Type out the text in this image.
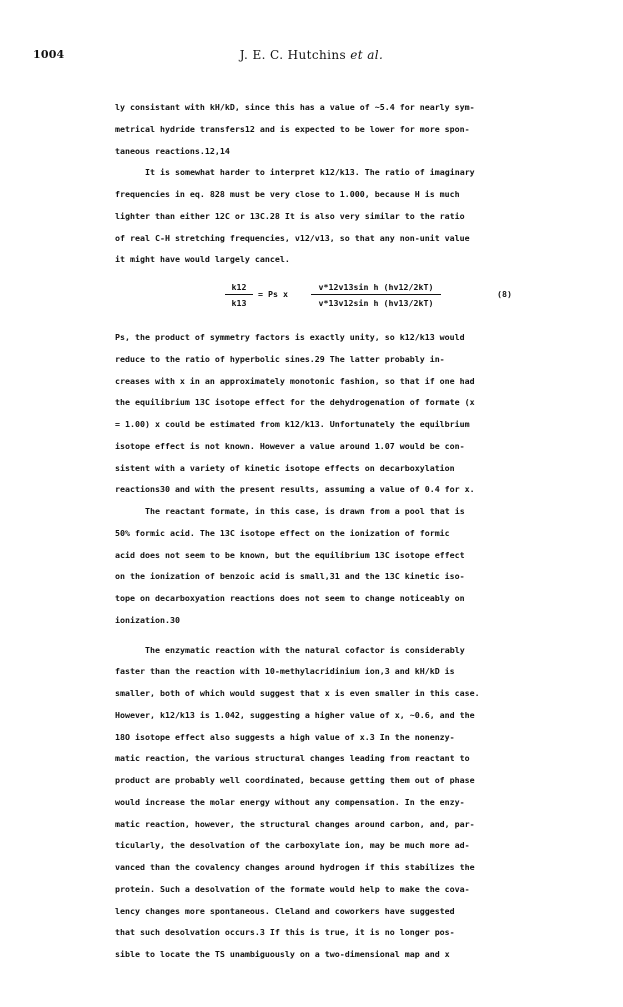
1004	J. E. C. Hutchins et al.
ly consistant with kH/kD, since this has a value of ~5.4 for nearly sym-
metrical hydride transfers12 and is expected to be lower for more spon-
taneous reactions.12,14
It is somewhat harder to interpret k12/k13. The ratio of imaginary
frequencies in eq. 828 must be very close to 1.000, because H is much
lighter than either 12C or 13C.28 It is also very similar to the ratio
of real C-H stretching frequencies, v12/v13, so that any non-unit value
it might have would largely cancel.
k12
k13
= Ps x
v*12v13sin h (hv12/2kT)
v*13v12sin h (hv13/2kT)
(8)
Ps, the product of symmetry factors is exactly unity, so k12/k13 would
reduce to the ratio of hyperbolic sines.29 The latter probably in-
creases with x in an approximately monotonic fashion, so that if one had
the equilibrium 13C isotope effect for the dehydrogenation of formate (x
= 1.00) x could be estimated from k12/k13. Unfortunately the equilbrium
isotope effect is not known. However a value around 1.07 would be con-
sistent with a variety of kinetic isotope effects on decarboxylation
reactions30 and with the present results, assuming a value of 0.4 for x.
The reactant formate, in this case, is drawn from a pool that is
50% formic acid. The 13C isotope effect on the ionization of formic
acid does not seem to be known, but the equilibrium 13C isotope effect
on the ionization of benzoic acid is small,31 and the 13C kinetic iso-
tope on decarboxyation reactions does not seem to change noticeably on
ionization.30
The enzymatic reaction with the natural cofactor is considerably
faster than the reaction with 10-methylacridinium ion,3 and kH/kD is
smaller, both of which would suggest that x is even smaller in this case.
However, k12/k13 is 1.042, suggesting a higher value of x, ~0.6, and the
18O isotope effect also suggests a high value of x.3 In the nonenzy-
matic reaction, the various structural changes leading from reactant to
product are probably well coordinated, because getting them out of phase
would increase the molar energy without any compensation. In the enzy-
matic reaction, however, the structural changes around carbon, and, par-
ticularly, the desolvation of the carboxylate ion, may be much more ad-
vanced than the covalency changes around hydrogen if this stabilizes the
protein. Such a desolvation of the formate would help to make the cova-
lency changes more spontaneous. Cleland and coworkers have suggested
that such desolvation occurs.3 If this is true, it is no longer pos-
sible to locate the TS unambiguously on a two-dimensional map and x
